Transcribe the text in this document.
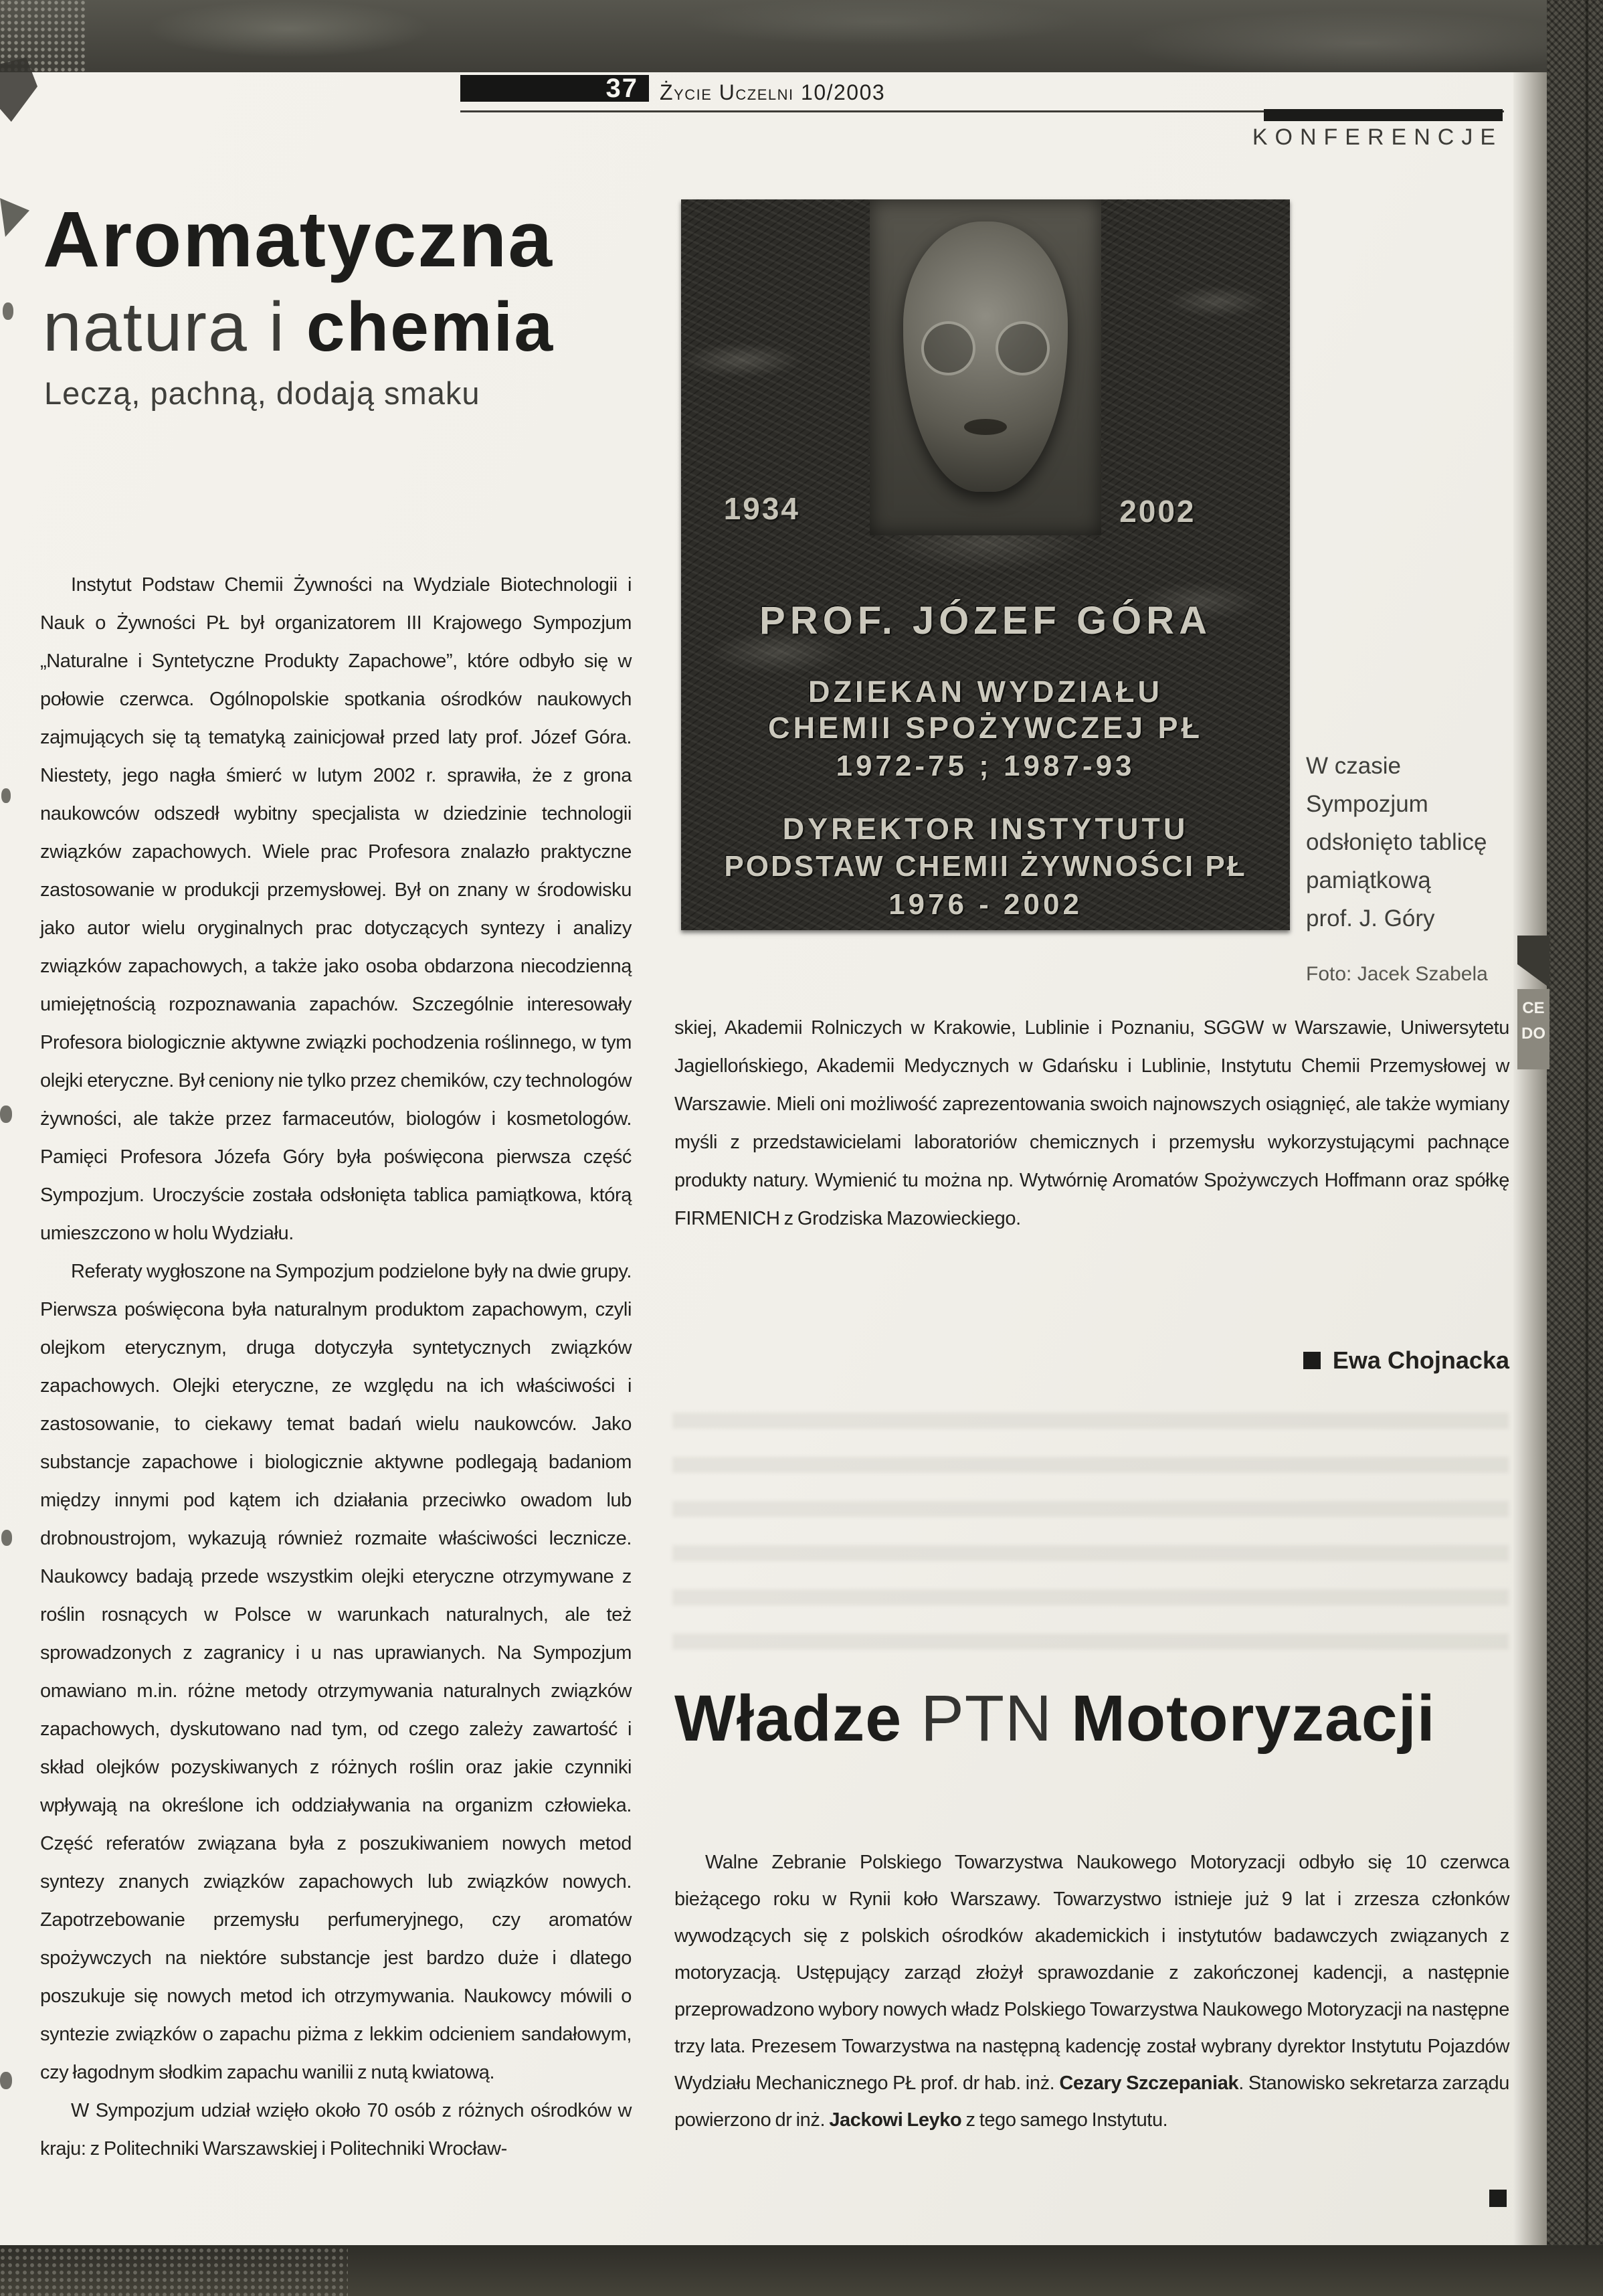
37	Życie Uczelni 10/2003
KONFERENCJE
Aromatyczna
natura i chemia
Leczą, pachną, dodają smaku
1934	2002
PROF. JÓZEF GÓRA
DZIEKAN WYDZIAŁU
CHEMII SPOŻYWCZEJ PŁ
1972-75 ; 1987-93
DYREKTOR INSTYTUTU
PODSTAW CHEMII ŻYWNOŚCI PŁ
1976 - 2002
W czasie
Sympozjum
odsłonięto tablicę
pamiątkową
prof. J. Góry
Foto: Jacek Szabela

Instytut Podstaw Chemii Żywności na Wydziale Biotechnologii i Nauk o Żywności PŁ był organizatorem III Krajowego Sympozjum „Naturalne i Syntetyczne Produkty Zapachowe”, które odbyło się w połowie czerwca. Ogólnopolskie spotkania ośrodków naukowych zajmujących się tą tematyką zainicjował przed laty prof. Józef Góra. Niestety, jego nagła śmierć w lutym 2002 r. sprawiła, że z grona naukowców odszedł wybitny specjalista w dziedzinie technologii związków zapachowych. Wiele prac Profesora znalazło praktyczne zastosowanie w produkcji przemysłowej. Był on znany w środowisku jako autor wielu oryginalnych prac dotyczących syntezy i analizy związków zapachowych, a także jako osoba obdarzona niecodzienną umiejętnością rozpoznawania zapachów. Szczególnie interesowały Profesora biologicznie aktywne związki pochodzenia roślinnego, w tym olejki eteryczne. Był ceniony nie tylko przez chemików, czy technologów żywności, ale także przez farmaceutów, biologów i kosmetologów. Pamięci Profesora Józefa Góry była poświęcona pierwsza część Sympozjum. Uroczyście została odsłonięta tablica pamiątkowa, którą umieszczono w holu Wydziału.

Referaty wygłoszone na Sympozjum podzielone były na dwie grupy. Pierwsza poświęcona była naturalnym produktom zapachowym, czyli olejkom eterycznym, druga dotyczyła syntetycznych związków zapachowych. Olejki eteryczne, ze względu na ich właściwości i zastosowanie, to ciekawy temat badań wielu naukowców. Jako substancje zapachowe i biologicznie aktywne podlegają badaniom między innymi pod kątem ich działania przeciwko owadom lub drobnoustrojom, wykazują również rozmaite właściwości lecznicze. Naukowcy badają przede wszystkim olejki eteryczne otrzymywane z roślin rosnących w Polsce w warunkach naturalnych, ale też sprowadzonych z zagranicy i u nas uprawianych. Na Sympozjum omawiano m.in. różne metody otrzymywania naturalnych związków zapachowych, dyskutowano nad tym, od czego zależy zawartość i skład olejków pozyskiwanych z różnych roślin oraz jakie czynniki wpływają na określone ich oddziaływania na organizm człowieka. Część referatów związana była z poszukiwaniem nowych metod syntezy znanych związków zapachowych lub związków nowych. Zapotrzebowanie przemysłu perfumeryjnego, czy aromatów spożywczych na niektóre substancje jest bardzo duże i dlatego poszukuje się nowych metod ich otrzymywania. Naukowcy mówili o syntezie związków o zapachu piżma z lekkim odcieniem sandałowym, czy łagodnym słodkim zapachu wanilii z nutą kwiatową.

W Sympozjum udział wzięło około 70 osób z różnych ośrodków w kraju: z Politechniki Warszawskiej i Politechniki Wrocław-

skiej, Akademii Rolniczych w Krakowie, Lublinie i Poznaniu, SGGW w Warszawie, Uniwersytetu Jagiellońskiego, Akademii Medycznych w Gdańsku i Lublinie, Instytutu Chemii Przemysłowej w Warszawie. Mieli oni możliwość zaprezentowania swoich najnowszych osiągnięć, ale także wymiany myśli z przedstawicielami laboratoriów chemicznych i przemysłu wykorzystującymi pachnące produkty natury. Wymienić tu można np. Wytwórnię Aromatów Spożywczych Hoffmann oraz spółkę FIRMENICH z Grodziska Mazowieckiego.

Ewa Chojnacka
Władze PTN Motoryzacji

Walne Zebranie Polskiego Towarzystwa Naukowego Motoryzacji odbyło się 10 czerwca bieżącego roku w Rynii koło Warszawy. Towarzystwo istnieje już 9 lat i zrzesza członków wywodzących się z polskich ośrodków akademickich i instytutów badawczych związanych z motoryzacją. Ustępujący zarząd złożył sprawozdanie z zakończonej kadencji, a następnie przeprowadzono wybory nowych władz Polskiego Towarzystwa Naukowego Motoryzacji na następne trzy lata. Prezesem Towarzystwa na następną kadencję został wybrany dyrektor Instytutu Pojazdów Wydziału Mechanicznego PŁ prof. dr hab. inż. Cezary Szczepaniak. Stanowisko sekretarza zarządu powierzono dr inż. Jackowi Leyko z tego samego Instytutu.

CE
DO
